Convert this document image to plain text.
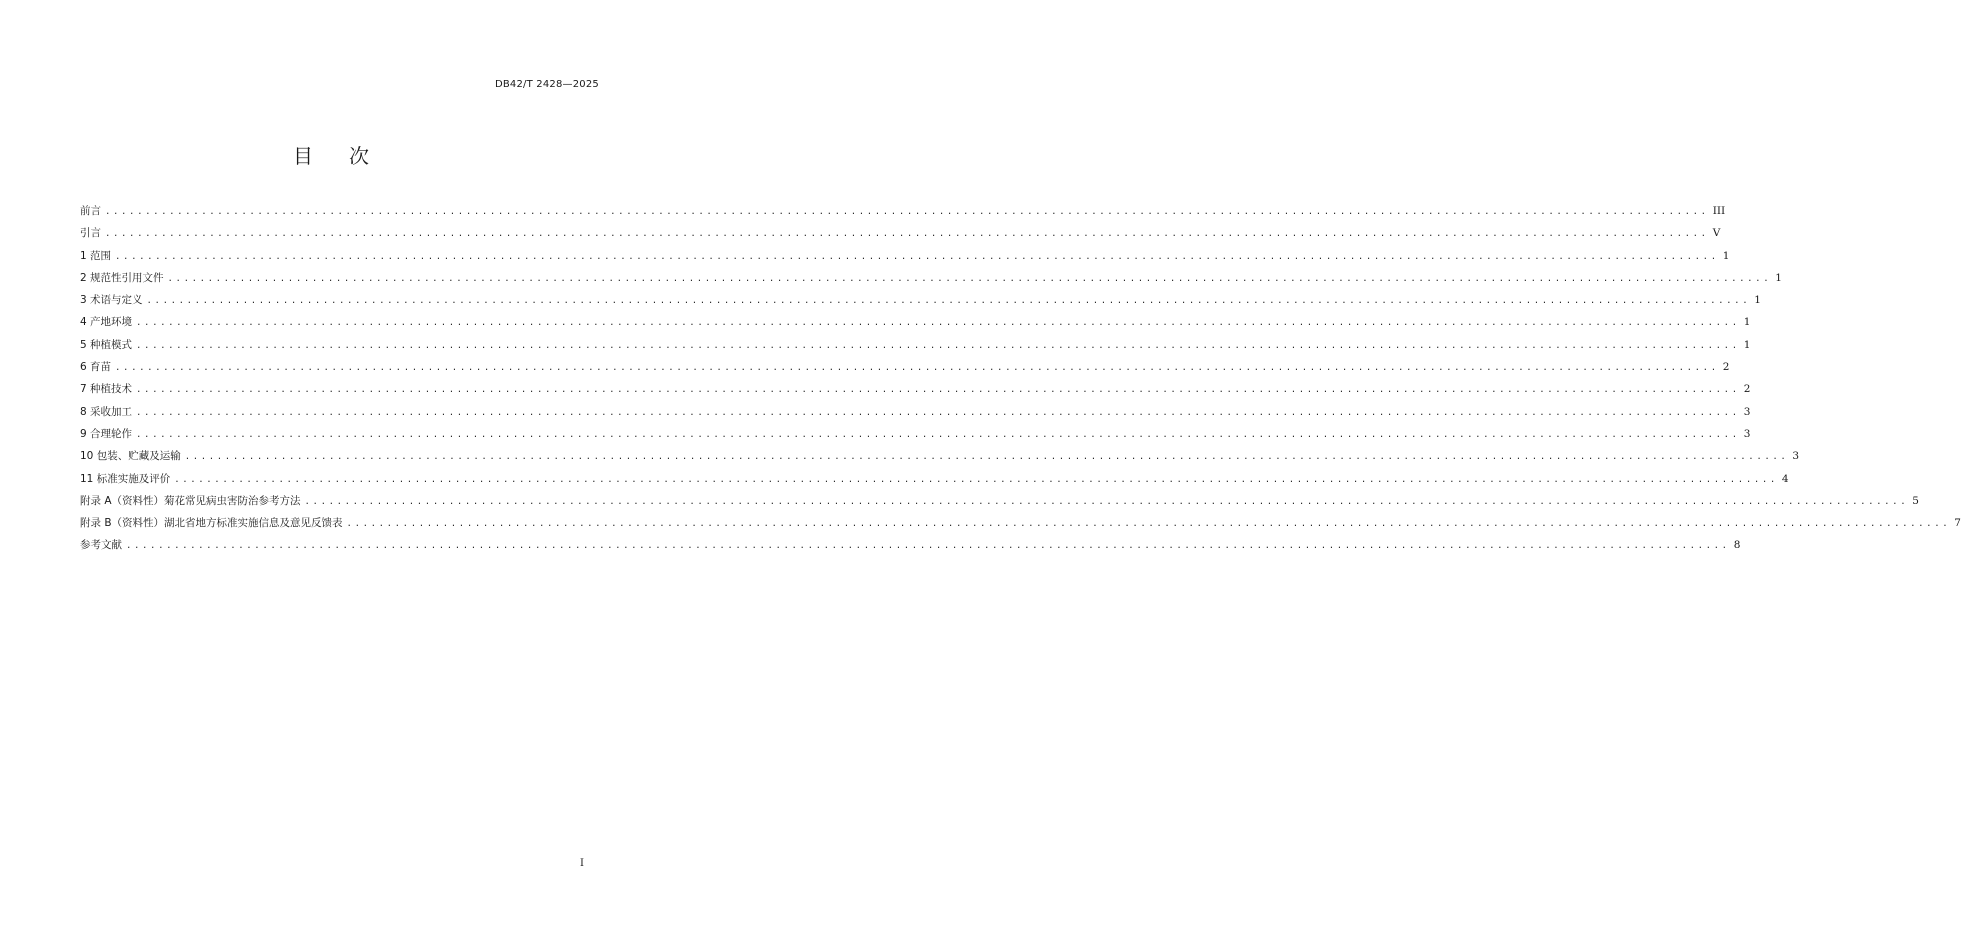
DB42/T 2428—2025
目 次
前言 ........................................................................................................................................................................................................ III
引言 ........................................................................................................................................................................................................ V
1 范围 ........................................................................................................................................................................................................ 1
2 规范性引用文件 ........................................................................................................................................................................................................ 1
3 术语与定义 ........................................................................................................................................................................................................ 1
4 产地环境 ........................................................................................................................................................................................................ 1
5 种植模式 ........................................................................................................................................................................................................ 1
6 育苗 ........................................................................................................................................................................................................ 2
7 种植技术 ........................................................................................................................................................................................................ 2
8 采收加工 ........................................................................................................................................................................................................ 3
9 合理轮作 ........................................................................................................................................................................................................ 3
10 包装、贮藏及运输 ........................................................................................................................................................................................................ 3
11 标准实施及评价 ........................................................................................................................................................................................................ 4
附录 A（资料性）菊花常见病虫害防治参考方法 ........................................................................................................................................................................................................ 5
附录 B（资料性）湖北省地方标准实施信息及意见反馈表 ........................................................................................................................................................................................................ 7
参考文献 ........................................................................................................................................................................................................ 8
I
